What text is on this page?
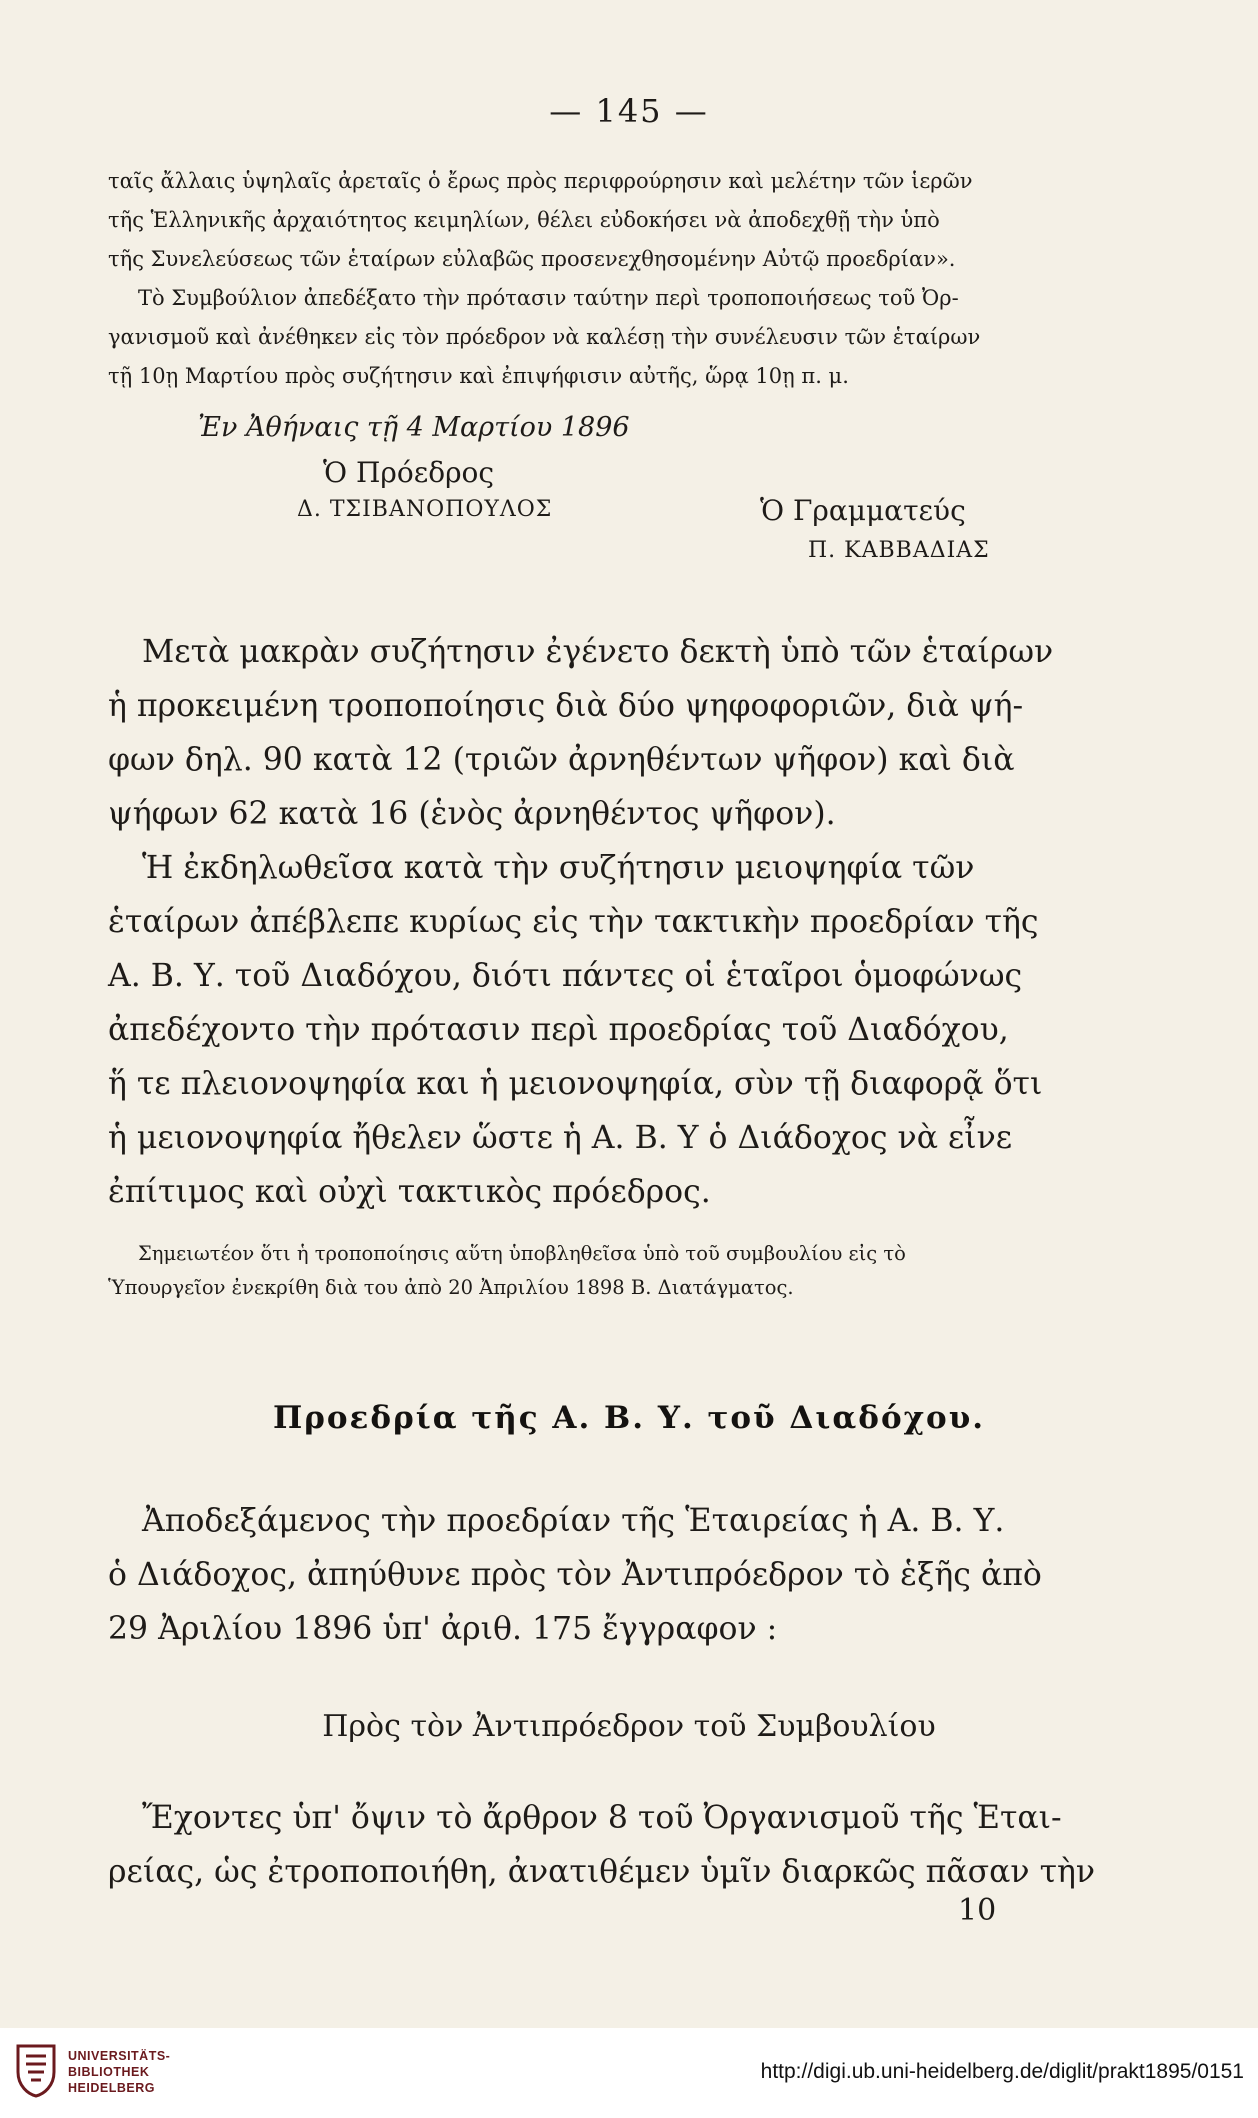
— 145 —
ταῖς ἄλλαις ὑψηλαῖς ἀρεταῖς ὁ ἔρως πρὸς περιφρούρησιν καὶ μελέτην τῶν ἱερῶν
τῆς Ἑλληνικῆς ἀρχαιότητος κειμηλίων, θέλει εὐδοκήσει νὰ ἀποδεχθῇ τὴν ὑπὸ
τῆς Συνελεύσεως τῶν ἑταίρων εὐλαβῶς προσενεχθησομένην Αὐτῷ προεδρίαν».
Τὸ Συμβούλιον ἀπεδέξατο τὴν πρότασιν ταύτην περὶ τροποποιήσεως τοῦ Ὀρ-
γανισμοῦ καὶ ἀνέθηκεν εἰς τὸν πρόεδρον νὰ καλέσῃ τὴν συνέλευσιν τῶν ἑταίρων
τῇ 10ῃ Μαρτίου πρὸς συζήτησιν καὶ ἐπιψήφισιν αὐτῆς, ὥρᾳ 10ῃ π. μ.
Ἐν Ἀθήναις τῇ 4 Μαρτίου 1896
Ὁ Πρόεδρος
Δ. ΤΣΙΒΑΝΟΠΟΥΛΟΣ	Ὁ Γραμματεύς
Π. ΚΑΒΒΑΔΙΑΣ
Μετὰ μακρὰν συζήτησιν ἐγένετο δεκτὴ ὑπὸ τῶν ἑταίρων
ἡ προκειμένη τροποποίησις διὰ δύο ψηφοφοριῶν, διὰ ψή-
φων δηλ. 90 κατὰ 12 (τριῶν ἀρνηθέντων ψῆφον) καὶ διὰ
ψήφων 62 κατὰ 16 (ἑνὸς ἀρνηθέντος ψῆφον).
Ἡ ἐκδηλωθεῖσα κατὰ τὴν συζήτησιν μειοψηφία τῶν
ἑταίρων ἀπέβλεπε κυρίως εἰς τὴν τακτικὴν προεδρίαν τῆς
Α. Β. Υ. τοῦ Διαδόχου, διότι πάντες οἱ ἑταῖροι ὁμοφώνως
ἀπεδέχοντο τὴν πρότασιν περὶ προεδρίας τοῦ Διαδόχου,
ἥ τε πλειονοψηφία και ἡ μειονοψηφία, σὺν τῇ διαφορᾷ ὅτι
ἡ μειονοψηφία ἤθελεν ὥστε ἡ Α. Β. Υ ὁ Διάδοχος νὰ εἶνε
ἐπίτιμος καὶ οὐχὶ τακτικὸς πρόεδρος.
Σημειωτέον ὅτι ἡ τροποποίησις αὕτη ὑποβληθεῖσα ὑπὸ τοῦ συμβουλίου εἰς τὸ
Ὑπουργεῖον ἐνεκρίθη διὰ του ἀπὸ 20 Ἀπριλίου 1898 Β. Διατάγματος.
Προεδρία τῆς Α. Β. Υ. τοῦ Διαδόχου.
Ἀποδεξάμενος τὴν προεδρίαν τῆς Ἑταιρείας ἡ Α. Β. Υ.
ὁ Διάδοχος, ἀπηύθυνε πρὸς τὸν Ἀντιπρόεδρον τὸ ἑξῆς ἀπὸ
29 Ἀριλίου 1896 ὑπ' ἀριθ. 175 ἔγγραφον :
Πρὸς τὸν Ἀντιπρόεδρον τοῦ Συμβουλίου
Ἔχοντες ὑπ' ὄψιν τὸ ἄρθρον 8 τοῦ Ὀργανισμοῦ τῆς Ἑται-
ρείας, ὡς ἐτροποποιήθη, ἀνατιθέμεν ὑμῖν διαρκῶς πᾶσαν τὴν
10
UNIVERSITÄTS-
BIBLIOTHEK
HEIDELBERG
http://digi.ub.uni-heidelberg.de/diglit/prakt1895/0151
